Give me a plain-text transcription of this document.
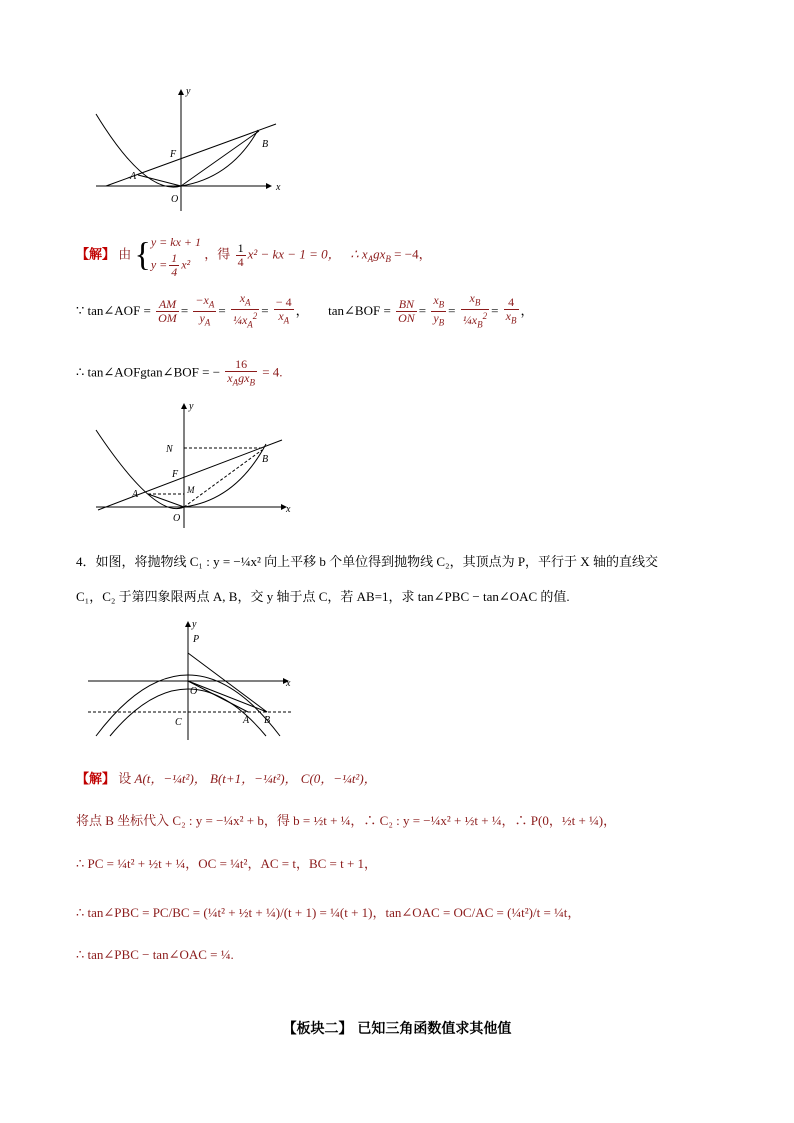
y
x
F
B
A
O
【解】 由 {y = kx + 1
$y = \frac{1}{4} x^2$ ，得 $\frac{1}{4} x^2$ − kx − 1 = 0， ∴ $x_Agx_B = -4$，
∵ tan∠AOF = $\frac{AM}{OM} = \frac{-x_A}{y_A} = \frac{x_A}{\frac{1}{4}x_A^2} = \frac{- 4}{x_A}$ ，      tan∠BOF = $\frac{BN}{ON} = \frac{x_B}{y_B} = \frac{x_B}{\frac{1}{4}x_B^2} = \frac{4}{x_B}$ ，
∴ tan∠AOFgtan∠BOF = − $\frac{16}{x_Agx_B} = 4$.
y
x
N
F
B
A	M
O
4．如图，将抛物线 C₁ : y = −¼x² 向上平移 b 个单位得到抛物线 C₂，其顶点为 P，平行于 X 轴的直线交
C₁，C₂ 于第四象限两点 A, B，交 y 轴于点 C，若 AB=1，求 tan∠PBC − tan∠OAC 的值.
y
x
P
O
C	A B
【解】 设 A(t，−¼t²)， B(t+1，−¼t²)， C(0，−¼t²)，
将点 B 坐标代入 C₂ : y = −¼x² + b，得 b = ½t + ¼，∴ C₂ : y = −¼x² + ½t + ¼，∴ P(0，½t + ¼)，
∴ PC = ¼t² + ½t + ¼，OC = ¼t²，AC = t，BC = t + 1，
∴ tan∠PBC = PC/BC = (¼t² + ½t + ¼)/(t + 1) = ¼(t + 1)，tan∠OAC = OC/AC = (¼t²)/t = ¼t，
∴ tan∠PBC − tan∠OAC = ¼.
【板块二】 已知三角函数值求其他值
